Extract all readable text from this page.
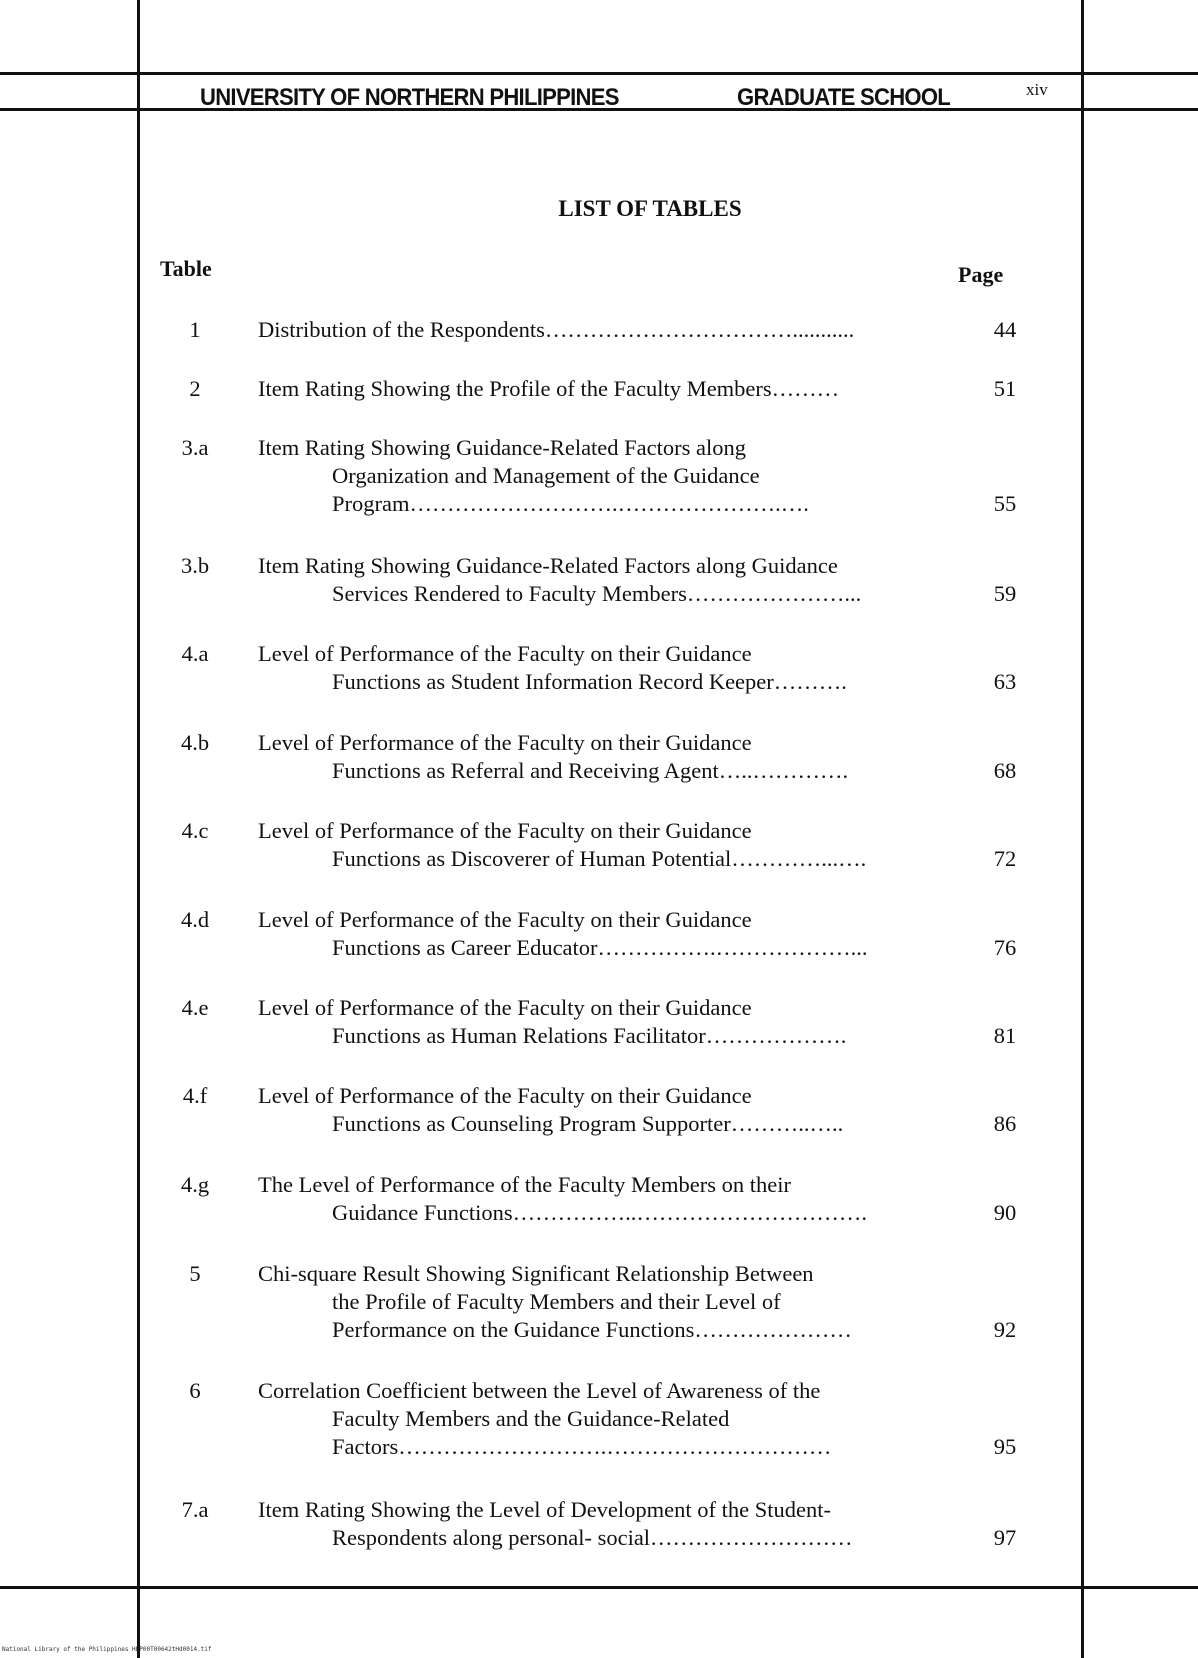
UNIVERSITY OF NORTHERN PHILIPPINES	GRADUATE SCHOOL	xiv
LIST OF TABLES
Table	Page
1	Distribution of the Respondents……………………………...........	44
2	Item Rating Showing the Profile of the Faculty Members………	51
3.a	Item Rating Showing Guidance-Related Factors along
Organization and Management of the Guidance
Program……………………….………………….….	55
3.b	Item Rating Showing Guidance-Related Factors along Guidance
Services Rendered to Faculty Members…………………...	59
4.a	Level of Performance of the Faculty on their Guidance
Functions as Student Information Record Keeper……….	63
4.b	Level of Performance of the Faculty on their Guidance
Functions as Referral and Receiving Agent…..………….	68
4.c	Level of Performance of the Faculty on their Guidance
Functions as Discoverer of Human Potential…………...….	72
4.d	Level of Performance of the Faculty on their Guidance
Functions as Career Educator…………….………………...	76
4.e	Level of Performance of the Faculty on their Guidance
Functions as Human Relations Facilitator……………….	81
4.f	Level of Performance of the Faculty on their Guidance
Functions as Counseling Program Supporter………..…..	86
4.g	The Level of Performance of the Faculty Members on their
Guidance Functions……………..………………………….	90
5	Chi-square Result Showing Significant Relationship Between
the Profile of Faculty Members and their Level of
Performance on the Guidance Functions…………………	92
6	Correlation Coefficient between the Level of Awareness of the
Faculty Members and the Guidance-Related
Factors……………………….…………………………	95
7.a	Item Rating Showing the Level of Development of the Student-
Respondents along personal- social………………………	97
National Library of the Philippines HEP00T00642tHd0014.tif
